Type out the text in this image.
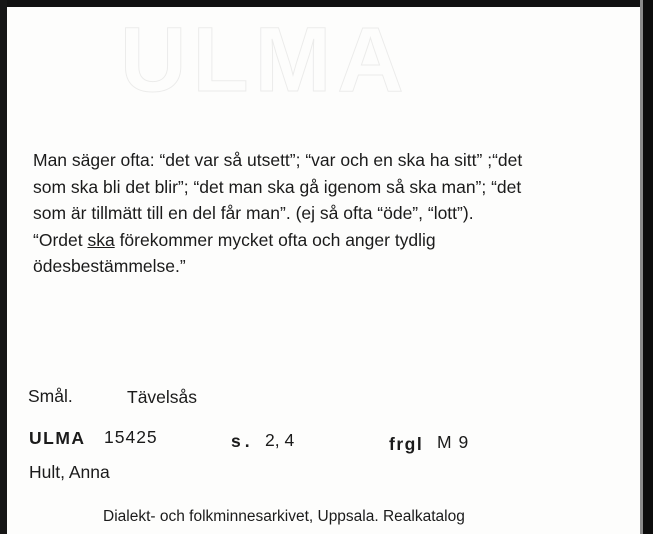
ULMA

Man säger ofta: “det var så utsett”; “var och en ska ha sitt” ;“det

som ska bli det blir”; “det man ska gå igenom så ska man”; “det

som är tillmätt till en del får man”. (ej så ofta “öde”, “lott”).

“Ordet ska förekommer mycket ofta och anger tydlig

ödesbestämmelse.”

Smål.	Tävelsås
ULMA 15425	s. 2, 4	frgl M 9
Hult, Anna
Dialekt- och folkminnesarkivet, Uppsala. Realkatalog
